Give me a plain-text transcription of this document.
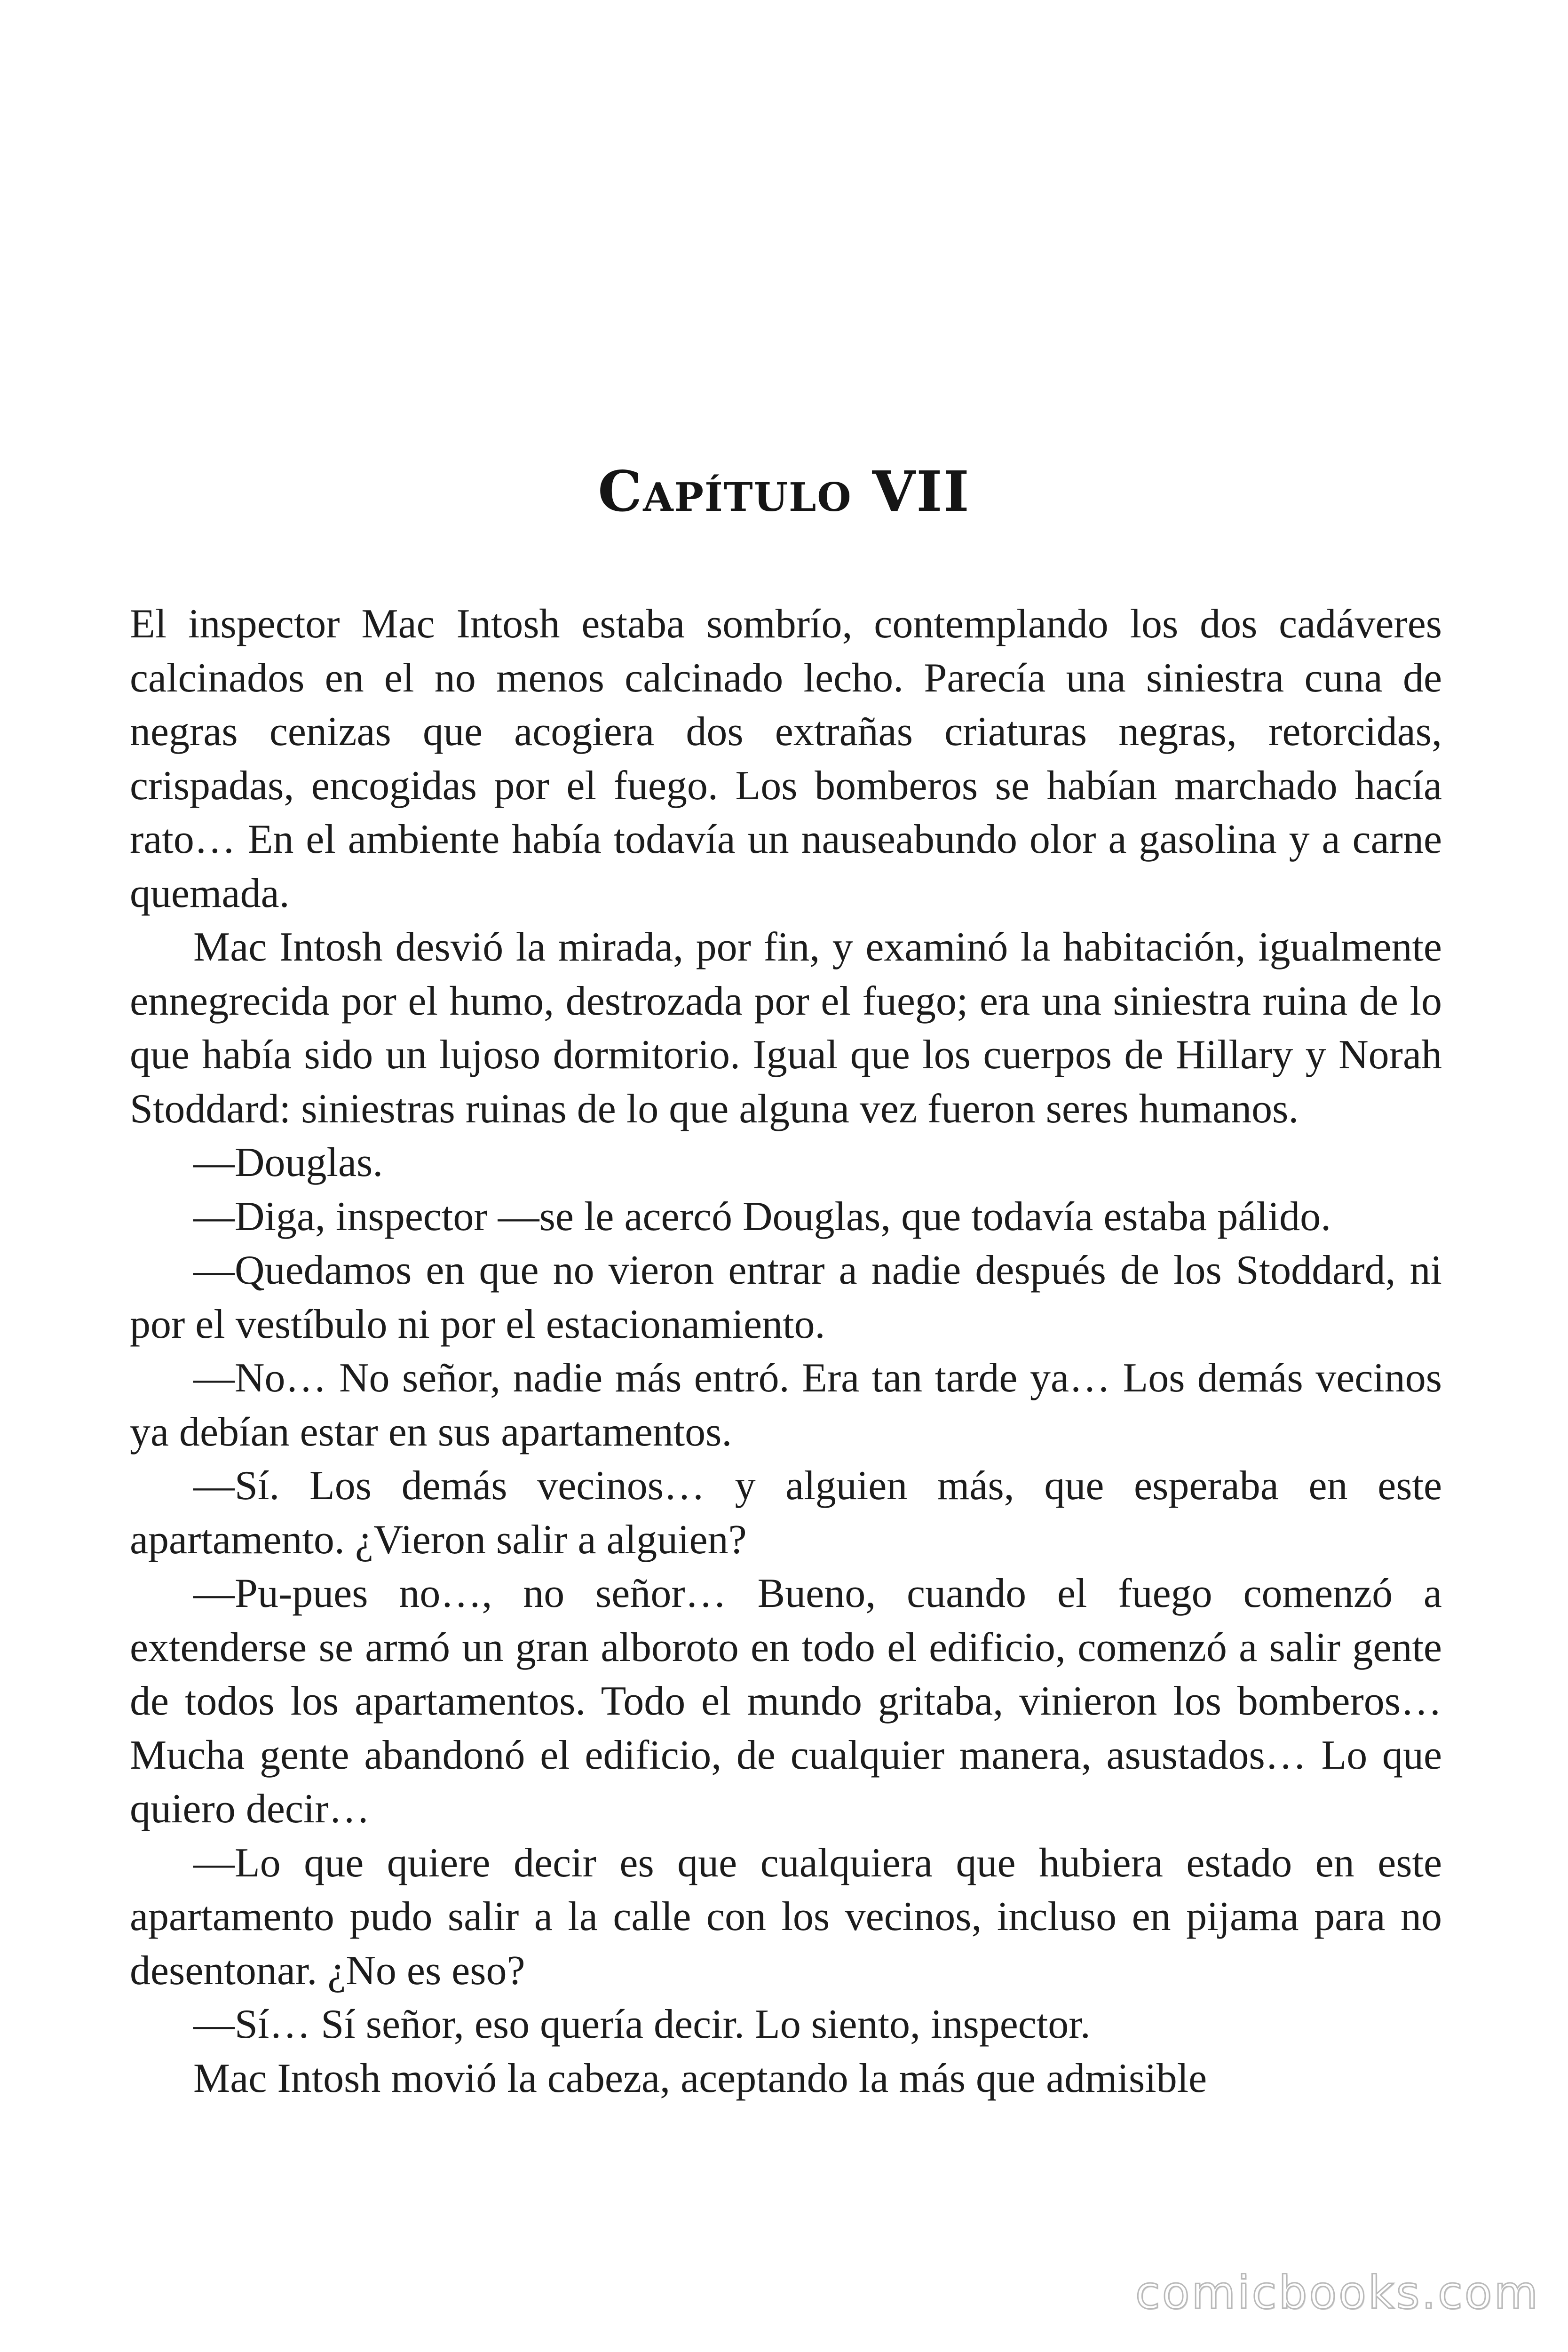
Capítulo VII

El inspector Mac Intosh estaba sombrío, contemplando los dos cadáveres calcinados en el no menos calcinado lecho. Parecía una siniestra cuna de negras cenizas que acogiera dos extrañas criaturas negras, retorcidas, crispadas, encogidas por el fuego. Los bomberos se habían marchado hacía rato… En el ambiente había todavía un nauseabundo olor a gasolina y a carne quemada.

Mac Intosh desvió la mirada, por fin, y examinó la habitación, igualmente ennegrecida por el humo, destrozada por el fuego; era una siniestra ruina de lo que había sido un lujoso dormitorio. Igual que los cuerpos de Hillary y Norah Stoddard: siniestras ruinas de lo que alguna vez fueron seres humanos.

—Douglas.

—Diga, inspector —se le acercó Douglas, que todavía estaba pálido.

—Quedamos en que no vieron entrar a nadie después de los Stoddard, ni por el vestíbulo ni por el estacionamiento.

—No… No señor, nadie más entró. Era tan tarde ya… Los demás vecinos ya debían estar en sus apartamentos.

—Sí. Los demás vecinos… y alguien más, que esperaba en este apartamento. ¿Vieron salir a alguien?

—Pu-pues no…, no señor… Bueno, cuando el fuego comenzó a extenderse se armó un gran alboroto en todo el edificio, comenzó a salir gente de todos los apartamentos. Todo el mundo gritaba, vinieron los bomberos… Mucha gente abandonó el edificio, de cualquier manera, asustados… Lo que quiero decir…

—Lo que quiere decir es que cualquiera que hubiera estado en este apartamento pudo salir a la calle con los vecinos, incluso en pijama para no desentonar. ¿No es eso?

—Sí… Sí señor, eso quería decir. Lo siento, inspector.

Mac Intosh movió la cabeza, aceptando la más que admisible

comicbooks.com
